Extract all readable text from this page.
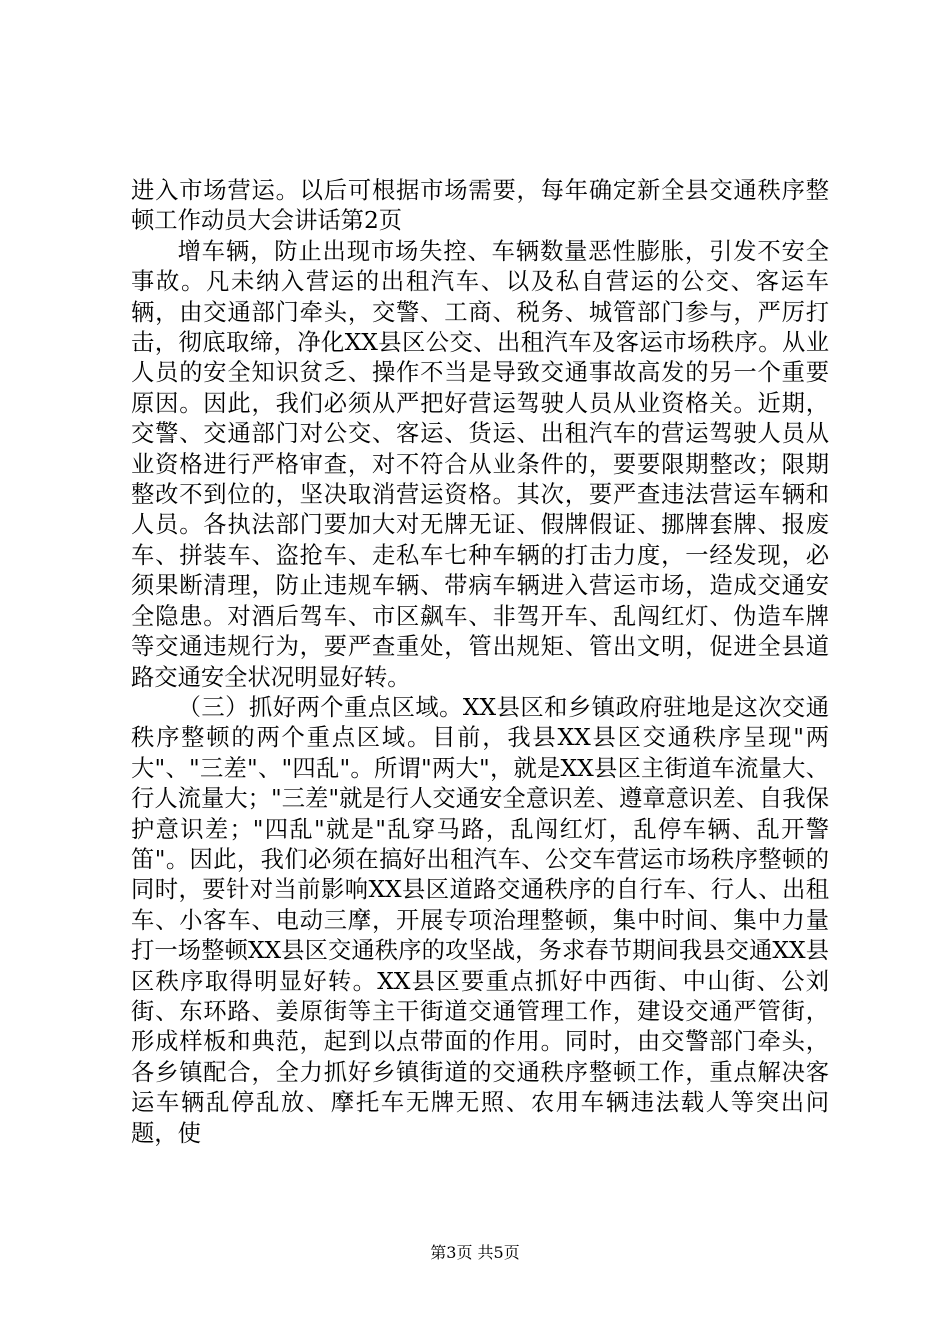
进入市场营运。以后可根据市场需要，每年确定新全县交通秩序整顿工作动员大会讲话第2页

增车辆，防止出现市场失控、车辆数量恶性膨胀，引发不安全事故。凡未纳入营运的出租汽车、以及私自营运的公交、客运车辆，由交通部门牵头，交警、工商、税务、城管部门参与，严厉打击，彻底取缔，净化XX县区公交、出租汽车及客运市场秩序。从业人员的安全知识贫乏、操作不当是导致交通事故高发的另一个重要原因。因此，我们必须从严把好营运驾驶人员从业资格关。近期，交警、交通部门对公交、客运、货运、出租汽车的营运驾驶人员从业资格进行严格审查，对不符合从业条件的，要要限期整改；限期整改不到位的，坚决取消营运资格。其次，要严查违法营运车辆和人员。各执法部门要加大对无牌无证、假牌假证、挪牌套牌、报废车、拼装车、盗抢车、走私车七种车辆的打击力度，一经发现，必须果断清理，防止违规车辆、带病车辆进入营运市场，造成交通安全隐患。对酒后驾车、市区飙车、非驾开车、乱闯红灯、伪造车牌等交通违规行为，要严查重处，管出规矩、管出文明，促进全县道路交通安全状况明显好转。

（三）抓好两个重点区域。XX县区和乡镇政府驻地是这次交通秩序整顿的两个重点区域。目前，我县XX县区交通秩序呈现"两大"、"三差"、"四乱"。所谓"两大"，就是XX县区主街道车流量大、行人流量大；"三差"就是行人交通安全意识差、遵章意识差、自我保护意识差；"四乱"就是"乱穿马路，乱闯红灯，乱停车辆、乱开警笛"。因此，我们必须在搞好出租汽车、公交车营运市场秩序整顿的同时，要针对当前影响XX县区道路交通秩序的自行车、行人、出租车、小客车、电动三摩，开展专项治理整顿，集中时间、集中力量打一场整顿XX县区交通秩序的攻坚战，务求春节期间我县交通XX县区秩序取得明显好转。XX县区要重点抓好中西街、中山街、公刘街、东环路、姜原街等主干街道交通管理工作，建设交通严管街，形成样板和典范，起到以点带面的作用。同时，由交警部门牵头，各乡镇配合，全力抓好乡镇街道的交通秩序整顿工作，重点解决客运车辆乱停乱放、摩托车无牌无照、农用车辆违法载人等突出问题，使

第3页 共5页
